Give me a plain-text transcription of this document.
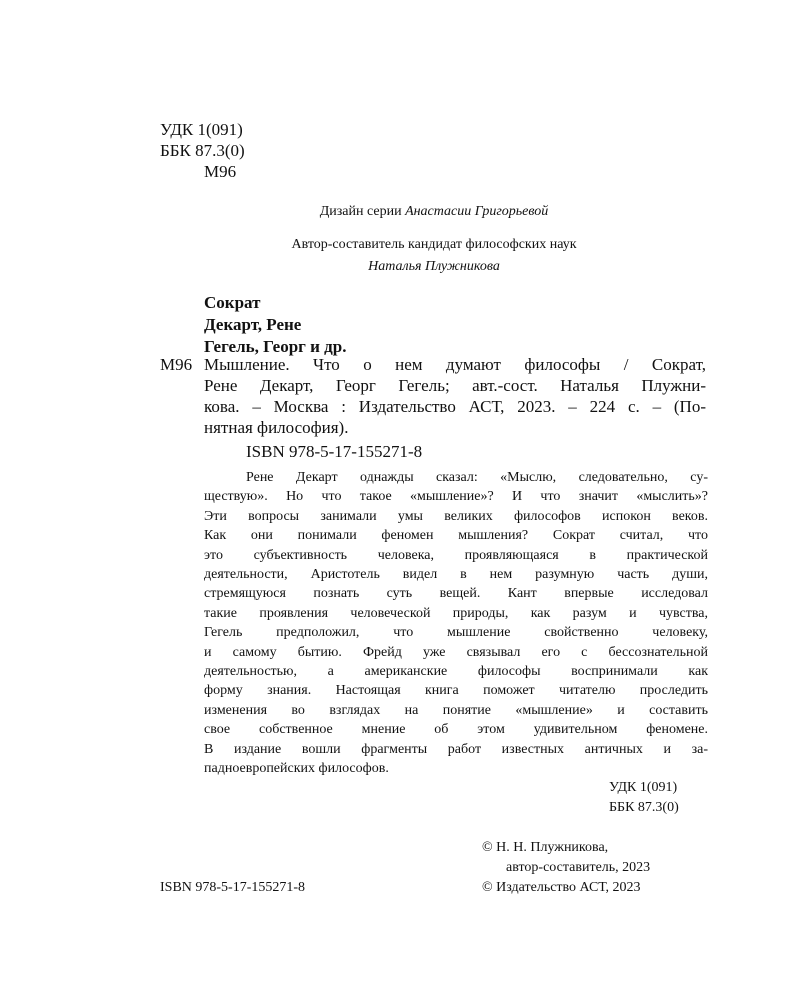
УДК 1(091)
ББК 87.3(0)
М96
Дизайн серии Анастасии Григорьевой
Автор-составитель кандидат философских наук
Наталья Плужникова
Сократ
Декарт, Рене
Гегель, Георг и др.
М96 Мышление. Что о нем думают философы / Сократ,
Рене Декарт, Георг Гегель; авт.-сост. Наталья Плужни-
кова. – Москва : Издательство АСТ, 2023. – 224 с. – (По-
нятная философия).
ISBN 978-5-17-155271-8
Рене Декарт однажды сказал: «Мыслю, следовательно, су-
ществую». Но что такое «мышление»? И что значит «мыслить»?
Эти вопросы занимали умы великих философов испокон веков.
Как они понимали феномен мышления? Сократ считал, что
это субъективность человека, проявляющаяся в практической
деятельности, Аристотель видел в нем разумную часть души,
стремящуюся познать суть вещей. Кант впервые исследовал
такие проявления человеческой природы, как разум и чувства,
Гегель предположил, что мышление свойственно человеку,
и самому бытию. Фрейд уже связывал его с бессознательной
деятельностью, а американские философы воспринимали как
форму знания. Настоящая книга поможет читателю проследить
изменения во взглядах на понятие «мышление» и составить
свое собственное мнение об этом удивительном феномене.
В издание вошли фрагменты работ известных античных и за-
падноевропейских философов.
УДК 1(091)
ББК 87.3(0)
© Н. Н. Плужникова,
автор-составитель, 2023
ISBN 978-5-17-155271-8	© Издательство АСТ, 2023
